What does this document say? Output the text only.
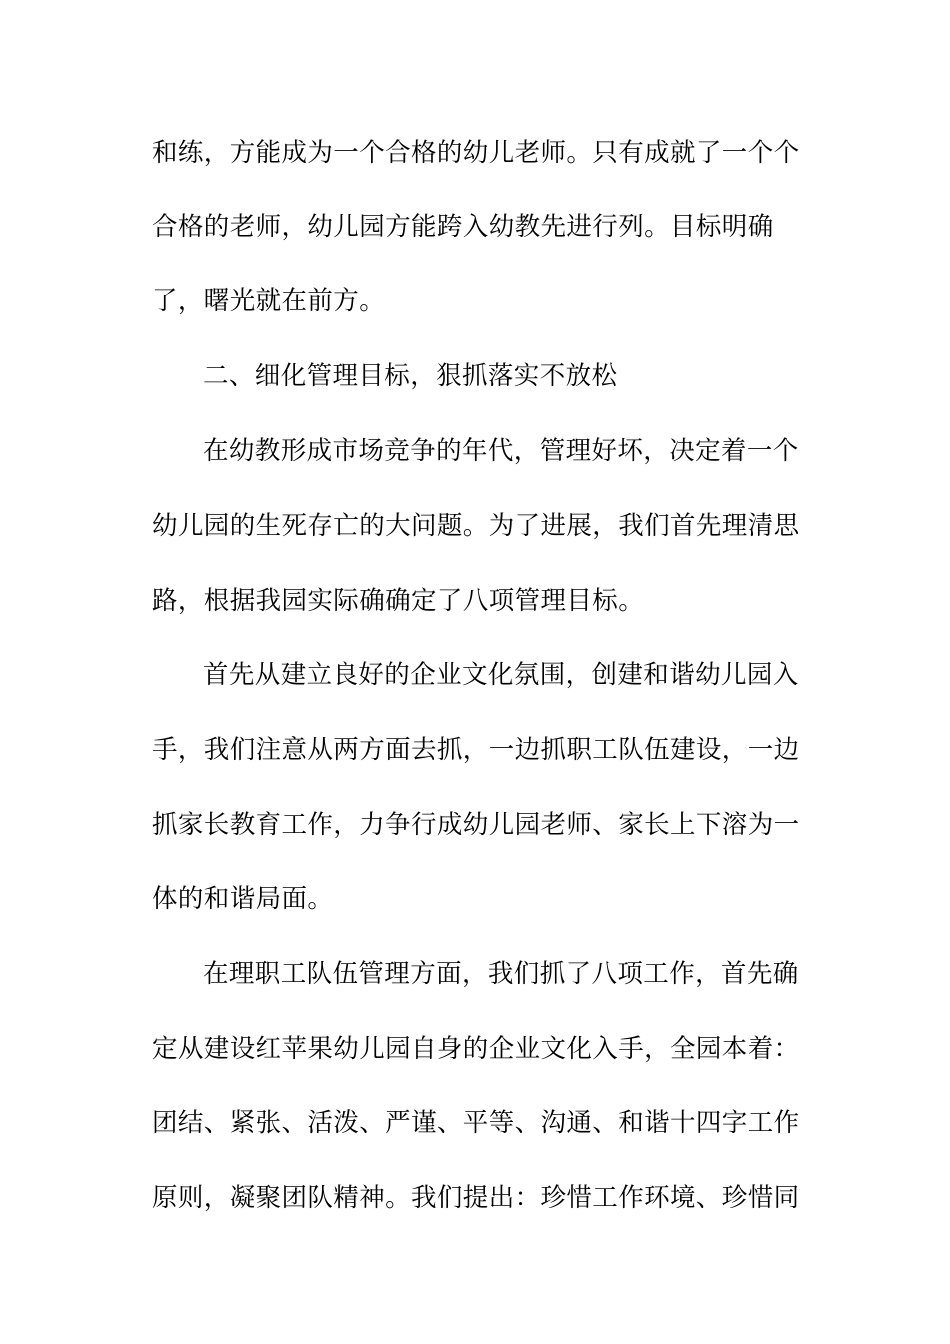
和练，方能成为一个合格的幼儿老师。只有成就了一个个
合格的老师，幼儿园方能跨入幼教先进行列。目标明确
了，曙光就在前方。
二、细化管理目标，狠抓落实不放松
在幼教形成市场竞争的年代，管理好坏，决定着一个
幼儿园的生死存亡的大问题。为了进展，我们首先理清思
路，根据我园实际确确定了八项管理目标。
首先从建立良好的企业文化氛围，创建和谐幼儿园入
手，我们注意从两方面去抓，一边抓职工队伍建设，一边
抓家长教育工作，力争行成幼儿园老师、家长上下溶为一
体的和谐局面。
在理职工队伍管理方面，我们抓了八项工作，首先确
定从建设红苹果幼儿园自身的企业文化入手，全园本着：
团结、紧张、活泼、严谨、平等、沟通、和谐十四字工作
原则，凝聚团队精神。我们提出：珍惜工作环境、珍惜同
